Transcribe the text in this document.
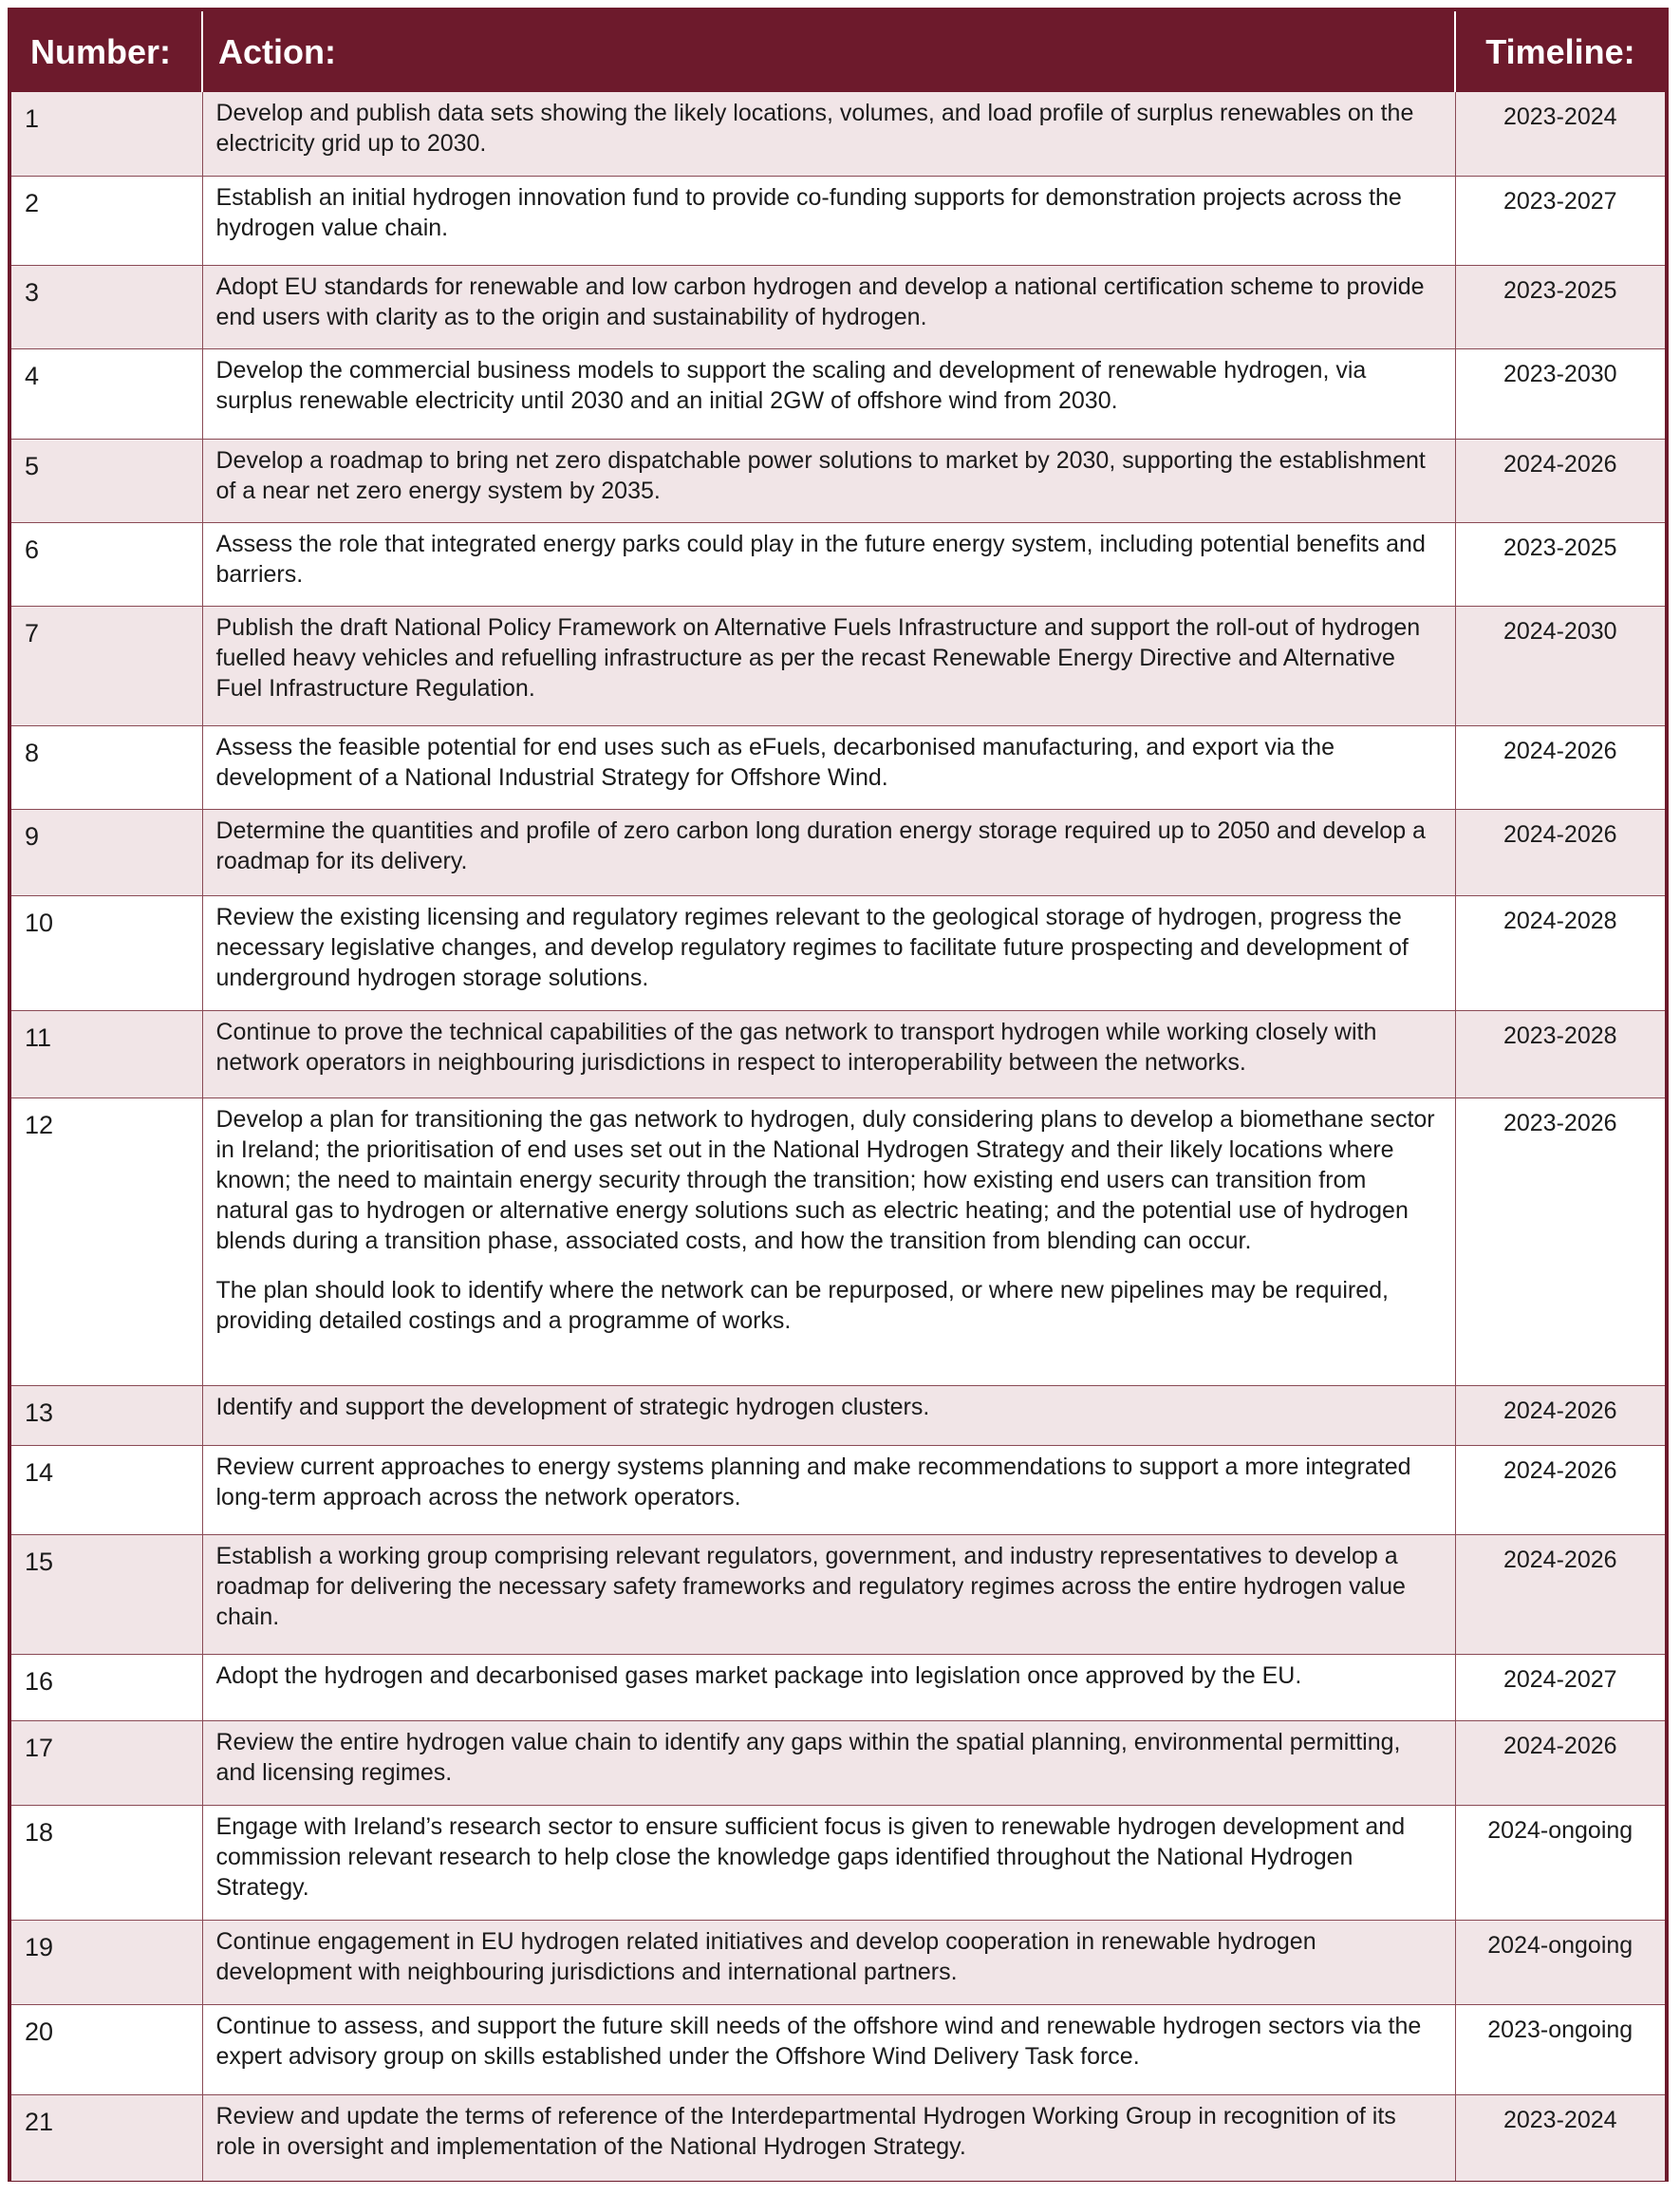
Number:	Action:	Timeline:
1	Develop and publish data sets showing the likely locations, volumes, and load profile of surplus renewables on the electricity grid up to 2030.	2023-2024
2	Establish an initial hydrogen innovation fund to provide co-funding supports for demonstration projects across the hydrogen value chain.	2023-2027
3	Adopt EU standards for renewable and low carbon hydrogen and develop a national certification scheme to provide end users with clarity as to the origin and sustainability of hydrogen.	2023-2025
4	Develop the commercial business models to support the scaling and development of renewable hydrogen, via surplus renewable electricity until 2030 and an initial 2GW of offshore wind from 2030.	2023-2030
5	Develop a roadmap to bring net zero dispatchable power solutions to market by 2030, supporting the establishment of a near net zero energy system by 2035.	2024-2026
6	Assess the role that integrated energy parks could play in the future energy system, including potential benefits and barriers.	2023-2025
7	Publish the draft National Policy Framework on Alternative Fuels Infrastructure and support the roll-out of hydrogen fuelled heavy vehicles and refuelling infrastructure as per the recast Renewable Energy Directive and Alternative Fuel Infrastructure Regulation.	2024-2030
8	Assess the feasible potential for end uses such as eFuels, decarbonised manufacturing, and export via the development of a National Industrial Strategy for Offshore Wind.	2024-2026
9	Determine the quantities and profile of zero carbon long duration energy storage required up to 2050 and develop a roadmap for its delivery.	2024-2026
10	Review the existing licensing and regulatory regimes relevant to the geological storage of hydrogen, progress the necessary legislative changes, and develop regulatory regimes to facilitate future prospecting and development of underground hydrogen storage solutions.	2024-2028
11	Continue to prove the technical capabilities of the gas network to transport hydrogen while working closely with network operators in neighbouring jurisdictions in respect to interoperability between the networks.	2023-2028
12	Develop a plan for transitioning the gas network to hydrogen, duly considering plans to develop a biomethane sector in Ireland; the prioritisation of end uses set out in the National Hydrogen Strategy and their likely locations where known; the need to maintain energy security through the transition; how existing end users can transition from natural gas to hydrogen or alternative energy solutions such as electric heating; and the potential use of hydrogen blends during a transition phase, associated costs, and how the transition from blending can occur.

The plan should look to identify where the network can be repurposed, or where new pipelines may be required, providing detailed costings and a programme of works.	2023-2026
13	Identify and support the development of strategic hydrogen clusters.	2024-2026
14	Review current approaches to energy systems planning and make recommendations to support a more integrated long-term approach across the network operators.	2024-2026
15	Establish a working group comprising relevant regulators, government, and industry representatives to develop a roadmap for delivering the necessary safety frameworks and regulatory regimes across the entire hydrogen value chain.	2024-2026
16	Adopt the hydrogen and decarbonised gases market package into legislation once approved by the EU.	2024-2027
17	Review the entire hydrogen value chain to identify any gaps within the spatial planning, environmental permitting, and licensing regimes.	2024-2026
18	Engage with Ireland’s research sector to ensure sufficient focus is given to renewable hydrogen development and commission relevant research to help close the knowledge gaps identified throughout the National Hydrogen Strategy.	2024-ongoing
19	Continue engagement in EU hydrogen related initiatives and develop cooperation in renewable hydrogen development with neighbouring jurisdictions and international partners.	2024-ongoing
20	Continue to assess, and support the future skill needs of the offshore wind and renewable hydrogen sectors via the expert advisory group on skills established under the Offshore Wind Delivery Task force.	2023-ongoing
21	Review and update the terms of reference of the Interdepartmental Hydrogen Working Group in recognition of its role in oversight and implementation of the National Hydrogen Strategy.	2023-2024
